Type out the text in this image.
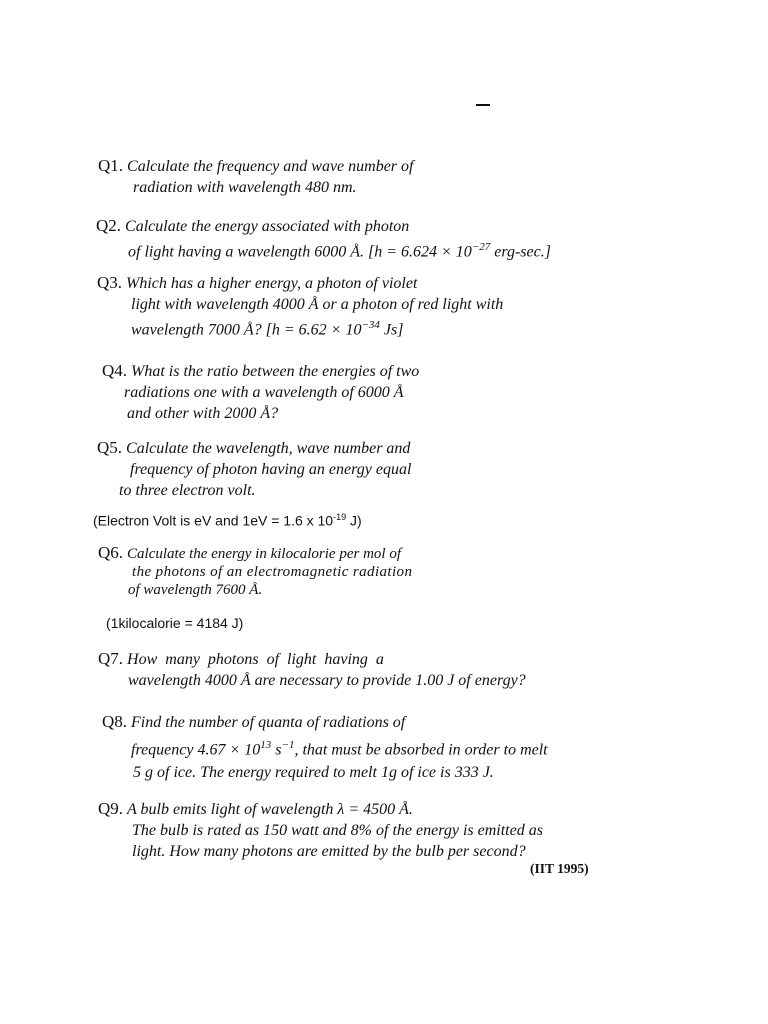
Q1. Calculate the frequency and wave number of
radiation with wavelength 480 nm.
Q2. Calculate the energy associated with photon
of light having a wavelength 6000 Å. [$h = 6.624 \times 10^{-27}$ erg-sec.]
Q3. Which has a higher energy, a photon of violet
light with wavelength 4000 Å or a photon of red light with
wavelength 7000 Å? [$h = 6.62 \times 10^{-34}$ Js]
Q4. What is the ratio between the energies of two
radiations one with a wavelength of 6000 Å
and other with 2000 Å?
Q5. Calculate the wavelength, wave number and
frequency of photon having an energy equal
to three electron volt.
(Electron Volt is eV and 1eV = 1.6 x $10^{-19}$ J)
Q6. Calculate the energy in kilocalorie per mol of
the photons of an electromagnetic radiation
of wavelength 7600 Å.
(1kilocalorie = 4184 J)
Q7. How  many  photons  of  light  having  a
wavelength 4000 Å are necessary to provide 1.00 J of energy?
Q8. Find the number of quanta of radiations of
frequency $4.67 \times 10^{13}$ $s^{-1}$, that must be absorbed in order to melt
5 g of ice. The energy required to melt 1g of ice is 333 J.
Q9. A bulb emits light of wavelength λ = 4500 Å.
The bulb is rated as 150 watt and 8% of the energy is emitted as
light. How many photons are emitted by the bulb per second?
(IIT 1995)
